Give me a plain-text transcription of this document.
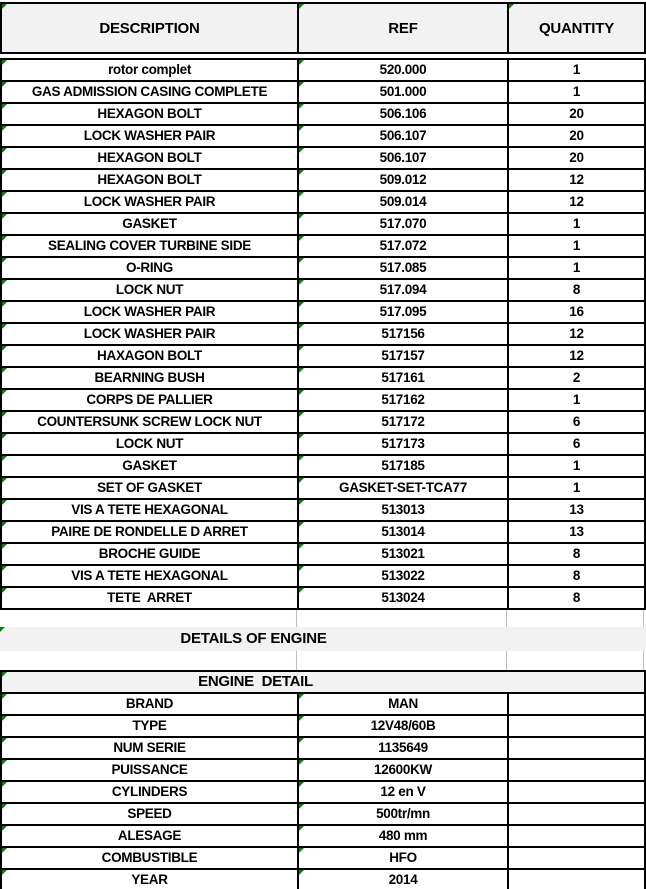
DESCRIPTION	REF	QUANTITY
rotor complet	520.000	1

GAS ADMISSION CASING COMPLETE	501.000	1

HEXAGON BOLT	506.106	20

LOCK WASHER PAIR	506.107	20

HEXAGON BOLT	506.107	20

HEXAGON BOLT	509.012	12

LOCK WASHER PAIR	509.014	12

GASKET	517.070	1

SEALING COVER TURBINE SIDE	517.072	1

O-RING	517.085	1

LOCK NUT	517.094	8

LOCK WASHER PAIR	517.095	16

LOCK WASHER PAIR	517156	12

HAXAGON BOLT	517157	12

BEARNING BUSH	517161	2

CORPS DE PALLIER	517162	1

COUNTERSUNK SCREW LOCK NUT	517172	6

LOCK NUT	517173	6

GASKET	517185	1

SET OF GASKET	GASKET-SET-TCA77	1

VIS A TETE HEXAGONAL	513013	13

PAIRE DE RONDELLE D ARRET	513014	13

BROCHE GUIDE	513021	8

VIS A TETE HEXAGONAL	513022	8

TETE  ARRET	513024	8
DETAILS OF ENGINE
ENGINE  DETAIL		

BRAND	MAN	

TYPE	12V48/60B	

NUM SERIE	1135649	

PUISSANCE	12600KW	

CYLINDERS	12 en V	

SPEED	500tr/mn	

ALESAGE	480 mm	

COMBUSTIBLE	HFO	

YEAR	2014	
